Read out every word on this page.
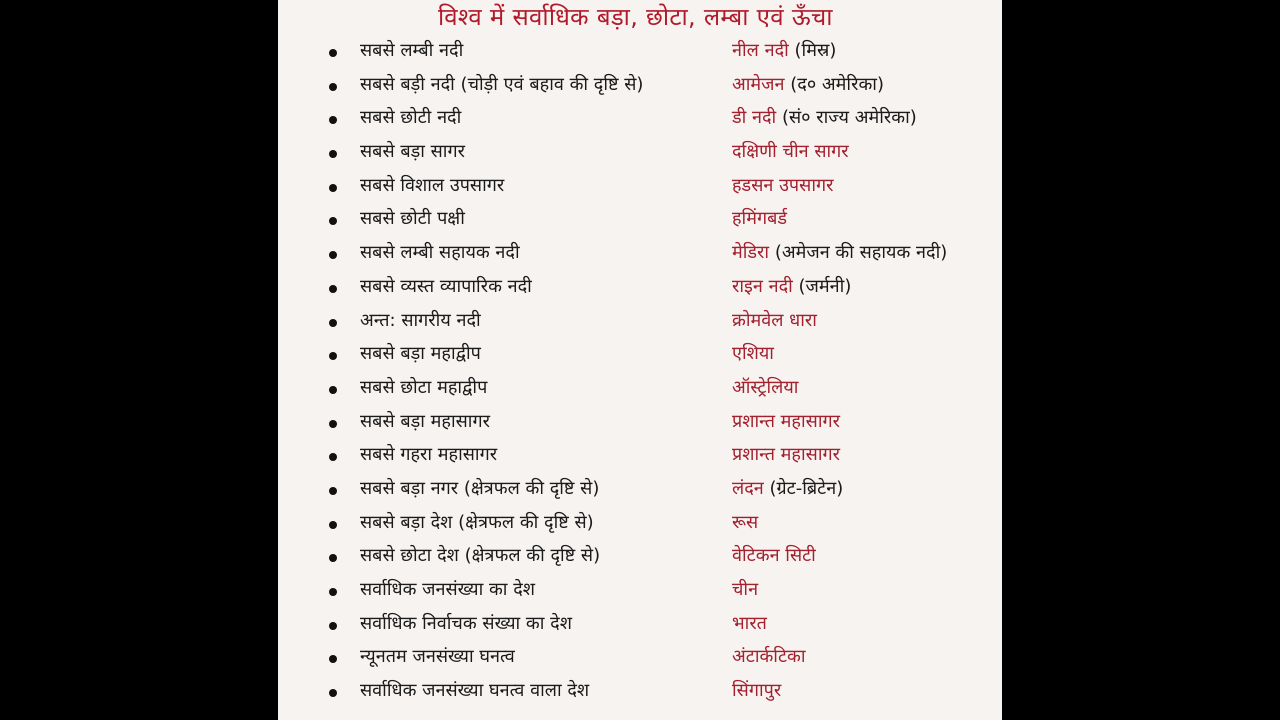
विश्व में सर्वाधिक बड़ा, छोटा, लम्बा एवं ऊँचा
सबसे लम्बी नदी	नील नदी (मिस्र)
सबसे बड़ी नदी (चोड़ी एवं बहाव की दृष्टि से)	आमेजन (द० अमेरिका)
सबसे छोटी नदी	डी नदी (सं० राज्य अमेरिका)
सबसे बड़ा सागर	दक्षिणी चीन सागर
सबसे विशाल उपसागर	हडसन उपसागर
सबसे छोटी पक्षी	हमिंगबर्ड
सबसे लम्बी सहायक नदी	मेडिरा (अमेजन की सहायक नदी)
सबसे व्यस्त व्यापारिक नदी	राइन नदी (जर्मनी)
अन्त: सागरीय नदी	क्रोमवेल धारा
सबसे बड़ा महाद्वीप	एशिया
सबसे छोटा महाद्वीप	ऑस्ट्रेलिया
सबसे बड़ा महासागर	प्रशान्त महासागर
सबसे गहरा महासागर	प्रशान्त महासागर
सबसे बड़ा नगर (क्षेत्रफल की दृष्टि से)	लंदन (ग्रेट-ब्रिटेन)
सबसे बड़ा देश (क्षेत्रफल की दृष्टि से)	रूस
सबसे छोटा देश (क्षेत्रफल की दृष्टि से)	वेटिकन सिटी
सर्वाधिक जनसंख्या का देश	चीन
सर्वाधिक निर्वाचक संख्या का देश	भारत
न्यूनतम जनसंख्या घनत्व	अंटार्कटिका
सर्वाधिक जनसंख्या घनत्व वाला देश	सिंगापुर
